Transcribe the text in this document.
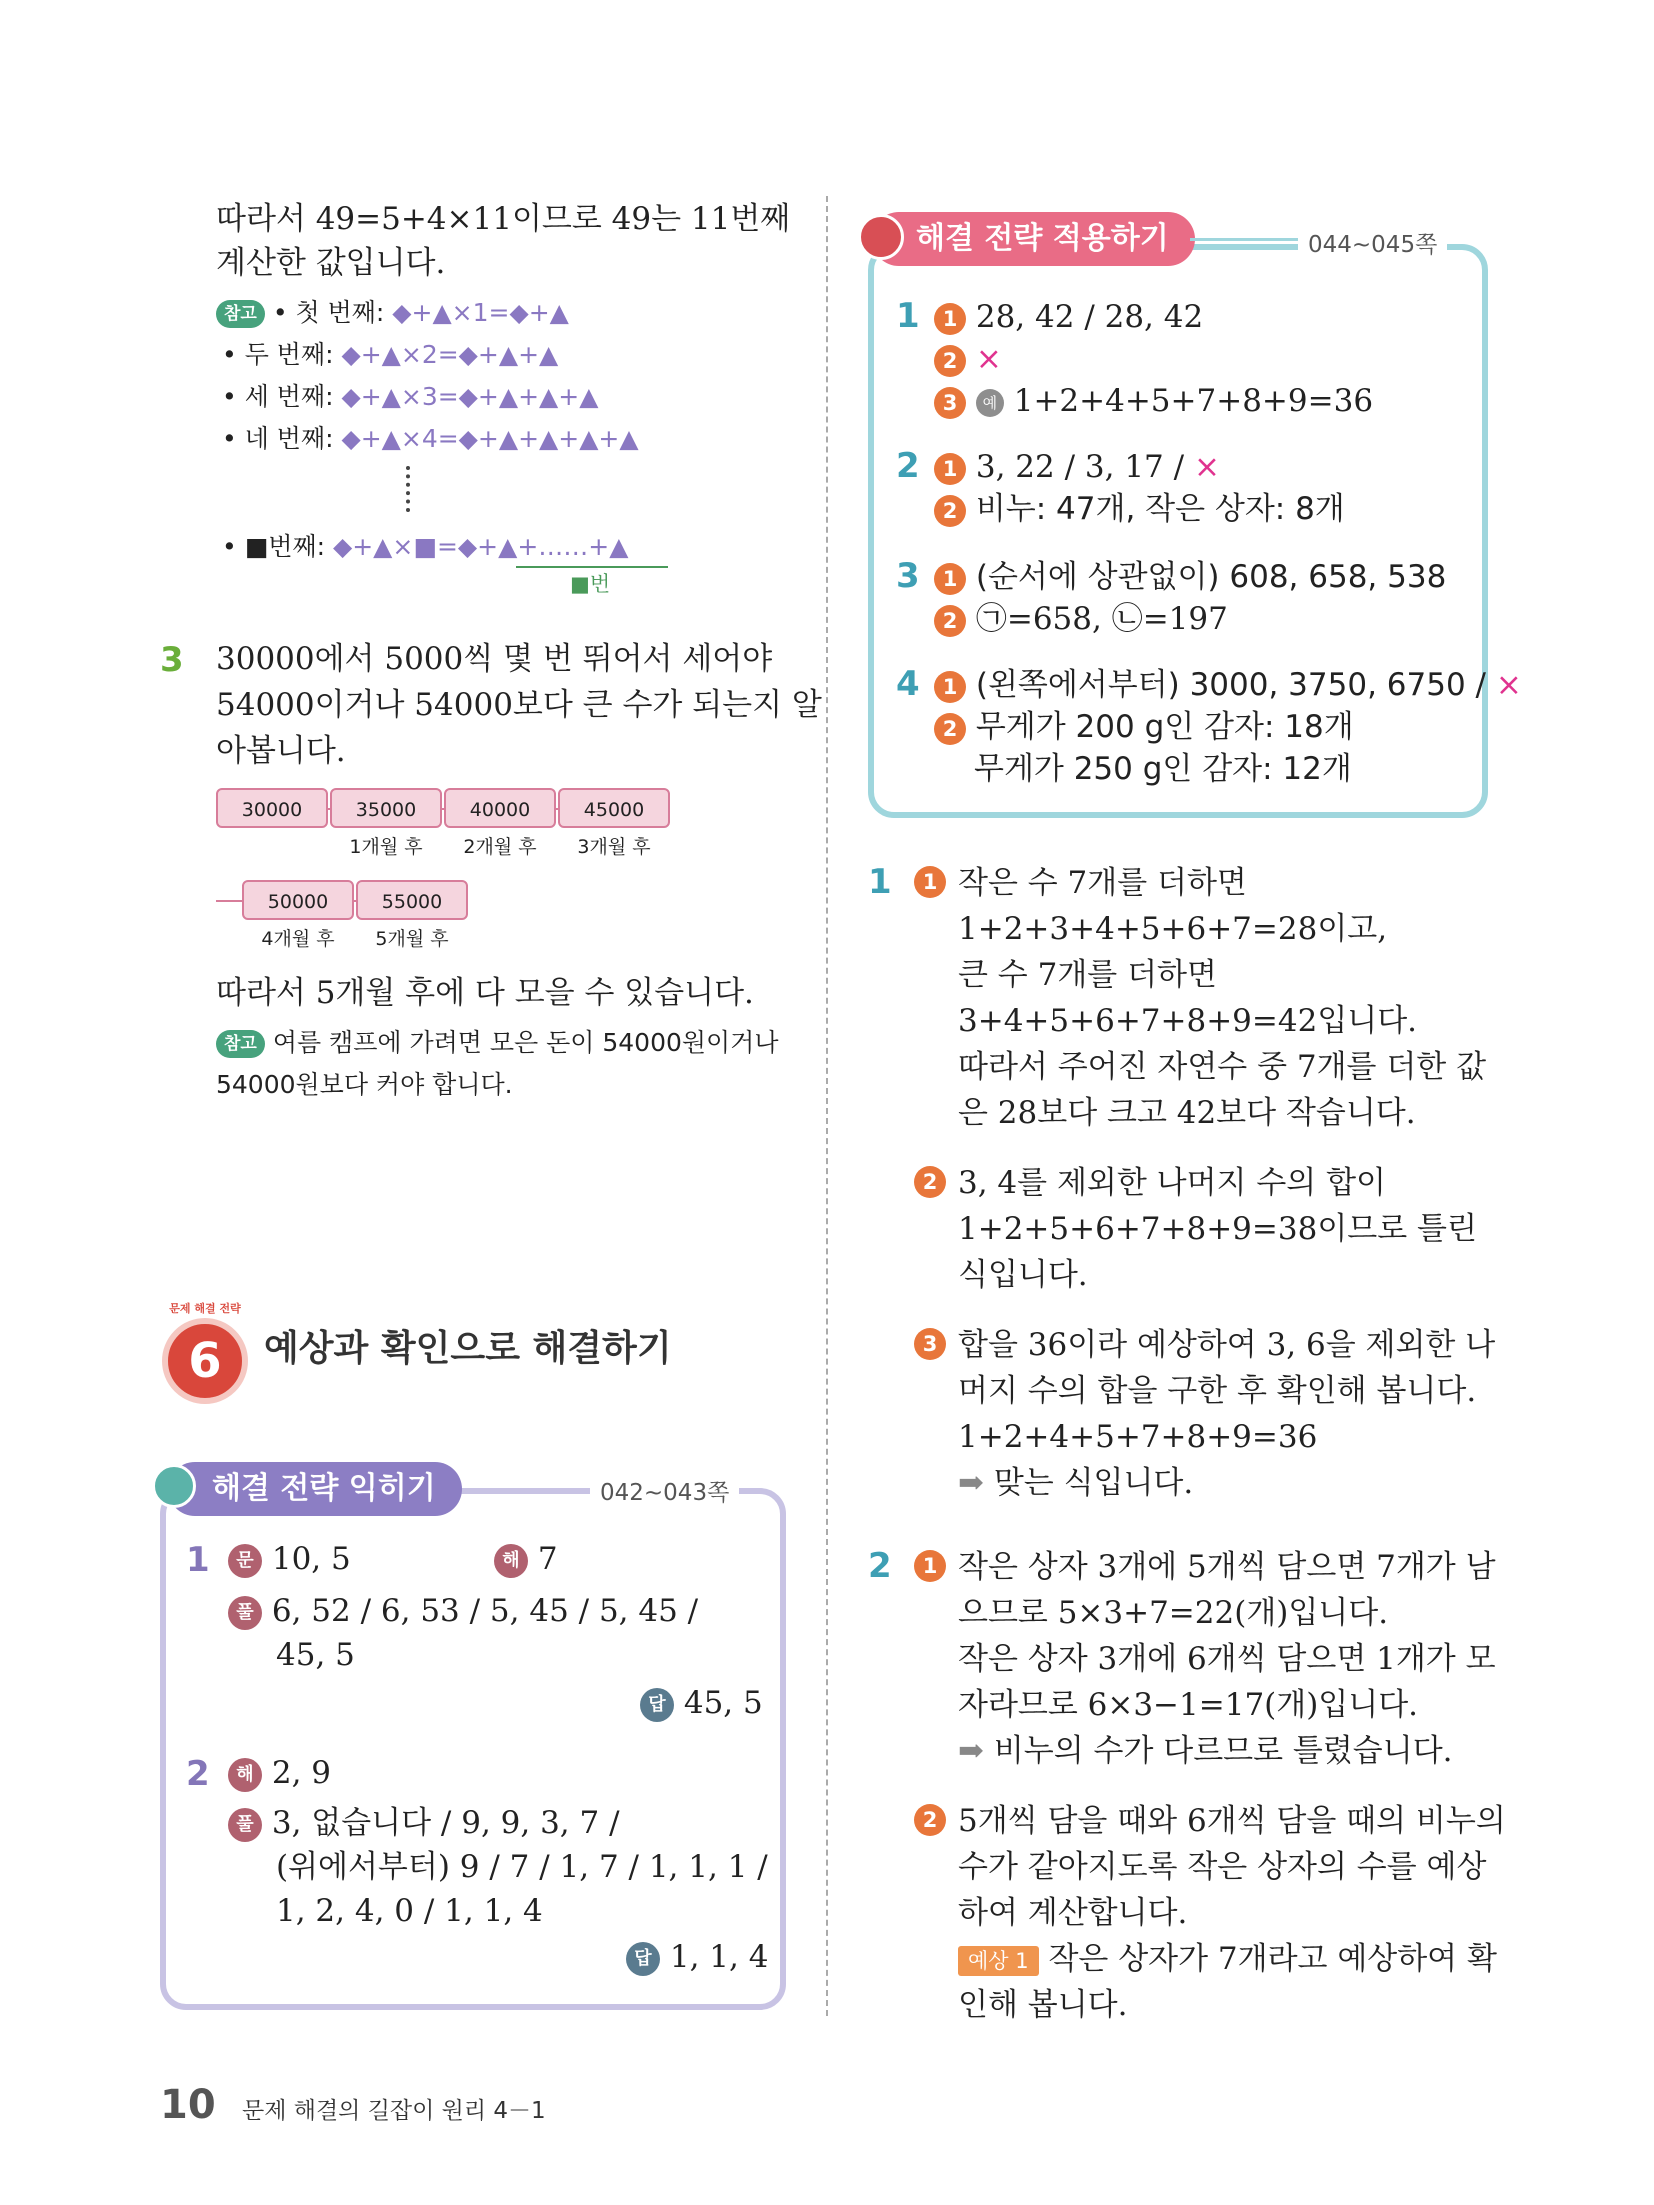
따라서 49=5+4×11이므로 49는 11번째
계산한 값입니다.
참고 • 첫 번째: ◆+▲×1=◆+▲
• 두 번째: ◆+▲×2=◆+▲+▲
• 세 번째: ◆+▲×3=◆+▲+▲+▲
• 네 번째: ◆+▲×4=◆+▲+▲+▲+▲
• ■번째: ◆+▲×■=◆+▲+……+▲
■번
3 30000에서 5000씩 몇 번 뛰어서 세어야
54000이거나 54000보다 큰 수가 되는지 알
아봅니다.
30000	35000	40000	45000
1개월 후	2개월 후	3개월 후
50000	55000
4개월 후	5개월 후
따라서 5개월 후에 다 모을 수 있습니다.
참고 여름 캠프에 가려면 모은 돈이 54000원이거나
54000원보다 커야 합니다.
6
문제 해결 전략
예상과 확인으로 해결하기
해결 전략 익히기	042~043쪽
1	문 10, 5	해 7
풀 6, 52 / 6, 53 / 5, 45 / 5, 45 /
45, 5
답 45, 5
2	해 2, 9
풀 3, 없습니다 / 9, 9, 3, 7 /
(위에서부터) 9 / 7 / 1, 7 / 1, 1, 1 /
1, 2, 4, 0 / 1, 1, 4
답 1, 1, 4
해결 전략 적용하기	044~045쪽
1	1 28, 42 / 28, 42
2 ×
3 예 1+2+4+5+7+8+9=36
2	1 3, 22 / 3, 17 / ×
2 비누: 47개, 작은 상자: 8개
3	1 (순서에 상관없이) 608, 658, 538
2 ㉠=658, ㉡=197
4	1 (왼쪽에서부터) 3000, 3750, 6750 / ×
2 무게가 200 g인 감자: 18개
무게가 250 g인 감자: 12개
1	1 작은 수 7개를 더하면
1+2+3+4+5+6+7=28이고,
큰 수 7개를 더하면
3+4+5+6+7+8+9=42입니다.
따라서 주어진 자연수 중 7개를 더한 값
은 28보다 크고 42보다 작습니다.
2 3, 4를 제외한 나머지 수의 합이
1+2+5+6+7+8+9=38이므로 틀린
식입니다.
3 합을 36이라 예상하여 3, 6을 제외한 나
머지 수의 합을 구한 후 확인해 봅니다.
1+2+4+5+7+8+9=36
➡ 맞는 식입니다.
2	1 작은 상자 3개에 5개씩 담으면 7개가 남
으므로 5×3+7=22(개)입니다.
작은 상자 3개에 6개씩 담으면 1개가 모
자라므로 6×3−1=17(개)입니다.
➡ 비누의 수가 다르므로 틀렸습니다.
2 5개씩 담을 때와 6개씩 담을 때의 비누의
수가 같아지도록 작은 상자의 수를 예상
하여 계산합니다.
예상 1 작은 상자가 7개라고 예상하여 확
인해 봅니다.
10 문제 해결의 길잡이 원리 4－1
